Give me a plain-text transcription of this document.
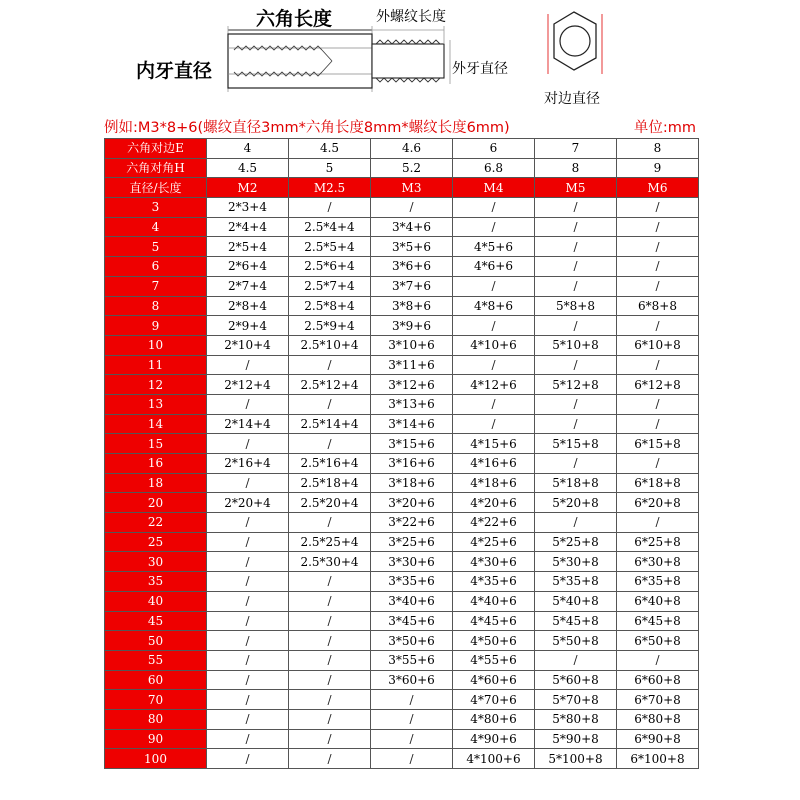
六角长度	外螺纹长度
内牙直径	外牙直径
对边直径
例如:M3*8+6(螺纹直径3mm*六角长度8mm*螺纹长度6mm)	单位:mm
六角对边E	4	4.5	4.6	6	7	8
六角对角H	4.5	5	5.2	6.8	8	9
直径/长度	M2	M2.5	M3	M4	M5	M6
3	2*3+4	/	/	/	/	/
4	2*4+4	2.5*4+4	3*4+6	/	/	/
5	2*5+4	2.5*5+4	3*5+6	4*5+6	/	/
6	2*6+4	2.5*6+4	3*6+6	4*6+6	/	/
7	2*7+4	2.5*7+4	3*7+6	/	/	/
8	2*8+4	2.5*8+4	3*8+6	4*8+6	5*8+8	6*8+8
9	2*9+4	2.5*9+4	3*9+6	/	/	/
10	2*10+4	2.5*10+4	3*10+6	4*10+6	5*10+8	6*10+8
11	/	/	3*11+6	/	/	/
12	2*12+4	2.5*12+4	3*12+6	4*12+6	5*12+8	6*12+8
13	/	/	3*13+6	/	/	/
14	2*14+4	2.5*14+4	3*14+6	/	/	/
15	/	/	3*15+6	4*15+6	5*15+8	6*15+8
16	2*16+4	2.5*16+4	3*16+6	4*16+6	/	/
18	/	2.5*18+4	3*18+6	4*18+6	5*18+8	6*18+8
20	2*20+4	2.5*20+4	3*20+6	4*20+6	5*20+8	6*20+8
22	/	/	3*22+6	4*22+6	/	/
25	/	2.5*25+4	3*25+6	4*25+6	5*25+8	6*25+8
30	/	2.5*30+4	3*30+6	4*30+6	5*30+8	6*30+8
35	/	/	3*35+6	4*35+6	5*35+8	6*35+8
40	/	/	3*40+6	4*40+6	5*40+8	6*40+8
45	/	/	3*45+6	4*45+6	5*45+8	6*45+8
50	/	/	3*50+6	4*50+6	5*50+8	6*50+8
55	/	/	3*55+6	4*55+6	/	/
60	/	/	3*60+6	4*60+6	5*60+8	6*60+8
70	/	/	/	4*70+6	5*70+8	6*70+8
80	/	/	/	4*80+6	5*80+8	6*80+8
90	/	/	/	4*90+6	5*90+8	6*90+8
100	/	/	/	4*100+6	5*100+8	6*100+8
